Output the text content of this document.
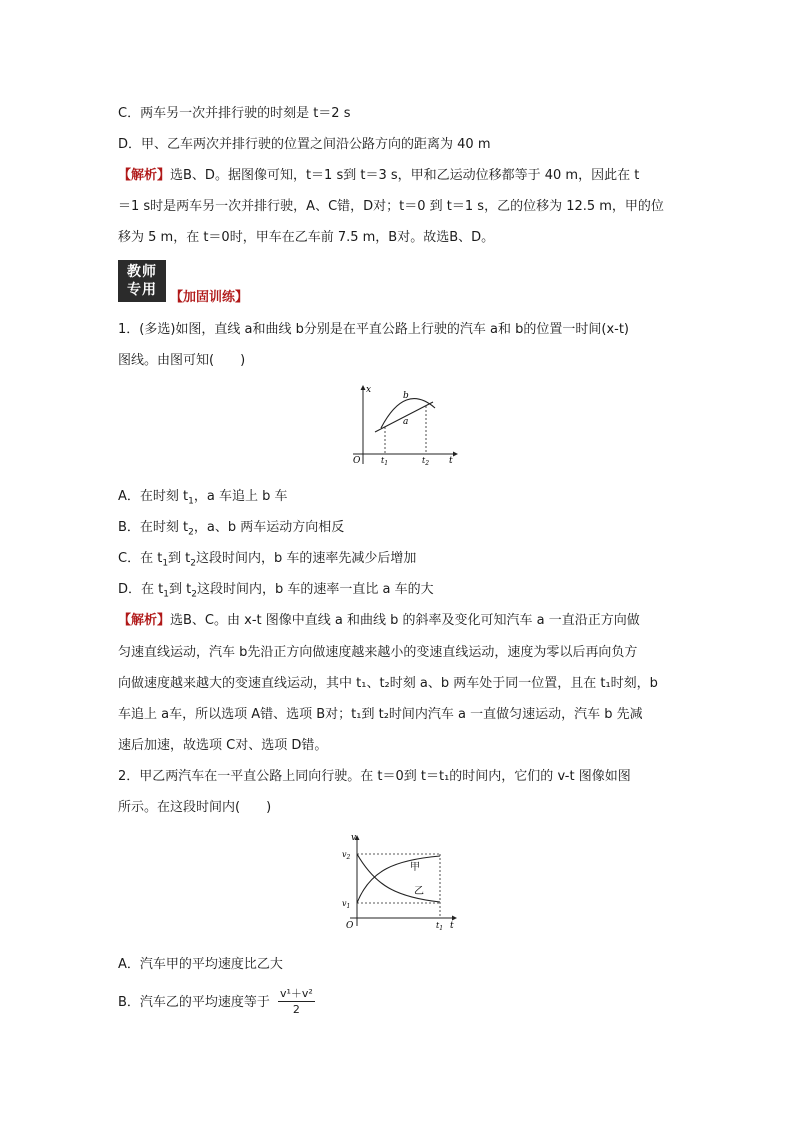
C．两车另一次并排行驶的时刻是 t＝2 s
D．甲、乙车两次并排行驶的位置之间沿公路方向的距离为 40 m
【解析】选B、D。据图像可知，t＝1 s到 t＝3 s，甲和乙运动位移都等于 40 m，因此在 t
＝1 s时是两车另一次并排行驶，A、C错，D对；t＝0 到 t＝1 s，乙的位移为 12.5 m，甲的位
移为 5 m，在 t＝0时，甲车在乙车前 7.5 m，B对。故选B、D。
教师
专用	【加固训练】
1．(多选)如图，直线 a和曲线 b分别是在平直公路上行驶的汽车 a和 b的位置一时间(x-t)
图线。由图可知(　　)
x
b
a
O	$t_1$	$t_2$ t
A．在时刻 $t_1$，a 车追上 b 车
B．在时刻 $t_2$，a、b 两车运动方向相反
C．在 $t_1$到 $t_2$这段时间内，b 车的速率先减少后增加
D．在 $t_1$到 $t_2$这段时间内，b 车的速率一直比 a 车的大
【解析】选B、C。由 x-t 图像中直线 a 和曲线 b 的斜率及变化可知汽车 a 一直沿正方向做
匀速直线运动，汽车 b先沿正方向做速度越来越小的变速直线运动，速度为零以后再向负方
向做速度越来越大的变速直线运动，其中 t₁、t₂时刻 a、b 两车处于同一位置，且在 t₁时刻，b
车追上 a车，所以选项 A错、选项 B对；t₁到 t₂时间内汽车 a 一直做匀速运动，汽车 b 先减
速后加速，故选项 C对、选项 D错。
2．甲乙两汽车在一平直公路上同向行驶。在 t＝0到 t＝t₁的时间内，它们的 v-t 图像如图
所示。在这段时间内(　　)
v
$v_2$
$v_1$
O	$t_1$ t
甲
乙
A．汽车甲的平均速度比乙大
B．汽车乙的平均速度等于 $\frac{\text{v¹＋v²}}{2}$
